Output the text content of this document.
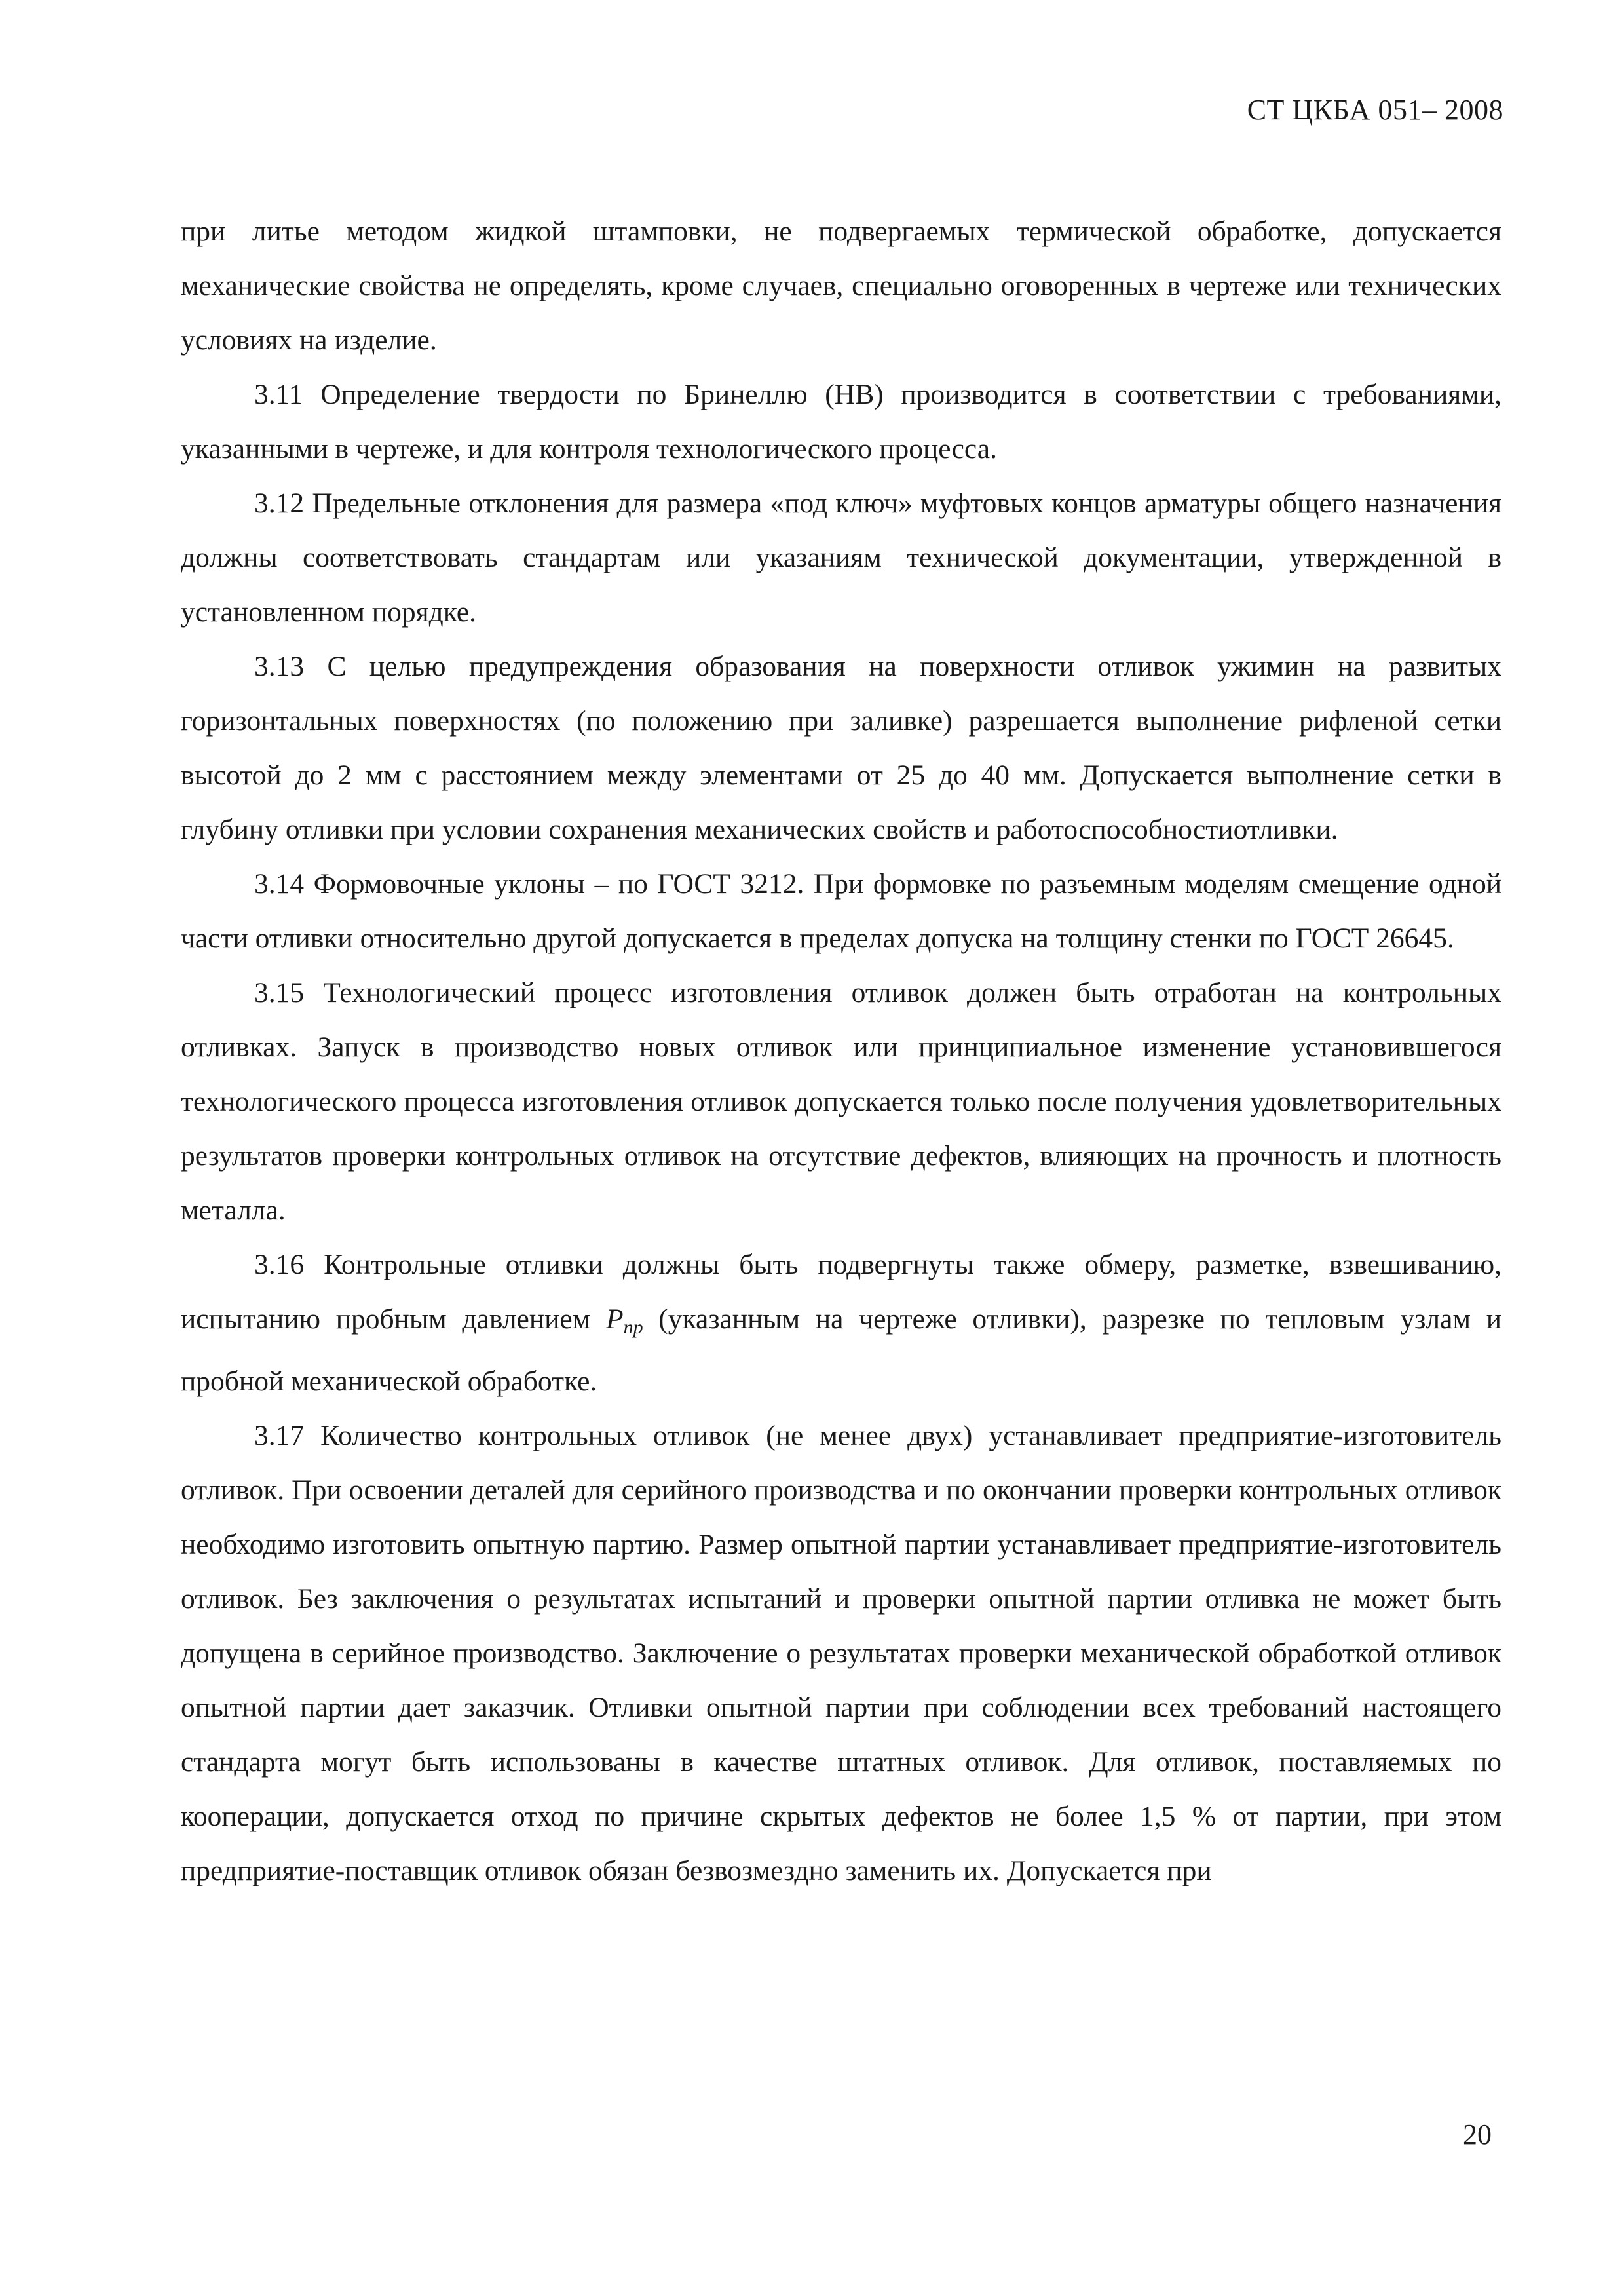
СТ ЦКБА 051– 2008

при литье методом жидкой штамповки, не подвергаемых термической обработке, допускается механические свойства не определять, кроме случаев, специально оговоренных в чертеже или технических условиях на изделие.

3.11 Определение твердости по Бринеллю (НВ) производится в соответствии с требованиями, указанными в чертеже, и для контроля технологического процесса.

3.12 Предельные отклонения для размера «под ключ» муфтовых концов арматуры общего назначения должны соответствовать стандартам или указаниям технической документации, утвержденной в установленном порядке.

3.13 С целью предупреждения образования на поверхности отливок ужимин на развитых горизонтальных поверхностях (по положению при заливке) разрешается выполнение рифленой сетки высотой до 2 мм с расстоянием между элементами от 25 до 40 мм. Допускается выполнение сетки в глубину отливки при условии сохранения механических свойств и работоспособностиотливки.

3.14 Формовочные уклоны – по ГОСТ 3212. При формовке по разъемным моделям смещение одной части отливки относительно другой допускается в пределах допуска на толщину стенки по ГОСТ 26645.

3.15 Технологический процесс изготовления отливок должен быть отработан на контрольных отливках. Запуск в производство новых отливок или принципиальное изменение установившегося технологического процесса изготовления отливок допускается только после получения удовлетворительных результатов проверки контрольных отливок на отсутствие дефектов, влияющих на прочность и плотность металла.

3.16 Контрольные отливки должны быть подвергнуты также обмеру, разметке, взвешиванию, испытанию пробным давлением $P_{пр}$ (указанным на чертеже отливки), разрезке по тепловым узлам и пробной механической обработке.

3.17 Количество контрольных отливок (не менее двух) устанавливает предприятие-изготовитель отливок. При освоении деталей для серийного производства и по окончании проверки контрольных отливок необходимо изготовить опытную партию. Размер опытной партии устанавливает предприятие-изготовитель отливок. Без заключения о результатах испытаний и проверки опытной партии отливка не может быть допущена в серийное производство. Заключение о результатах проверки механической обработкой отливок опытной партии дает заказчик. Отливки опытной партии при соблюдении всех требований настоящего стандарта могут быть использованы в качестве штатных отливок. Для отливок, поставляемых по кооперации, допускается отход по причине скрытых дефектов не более 1,5 % от партии, при этом предприятие-поставщик отливок обязан безвозмездно заменить их. Допускается при

20
